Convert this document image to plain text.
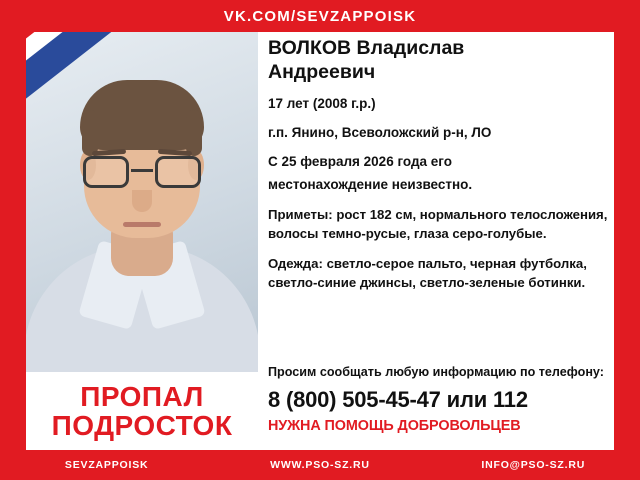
VK.COM/SEVZAPPOISK
ПРОПАЛ
ПОДРОСТОК
ВОЛКОВ Владислав
Андреевич
17 лет (2008 г.р.)
г.п. Янино, Всеволожский р-н, ЛО
С 25 февраля 2026 года его
местонахождение неизвестно.
Приметы: рост 182 см, нормального телосложения, волосы темно-русые, глаза серо-голубые.
Одежда: светло-серое пальто, черная футболка, светло-синие джинсы, светло-зеленые ботинки.
Просим сообщать любую информацию по телефону:
8 (800) 505-45-47 или 112
НУЖНА ПОМОЩЬ ДОБРОВОЛЬЦЕВ
SEVZAPPOISK	WWW.PSO-SZ.RU	INFO@PSO-SZ.RU
